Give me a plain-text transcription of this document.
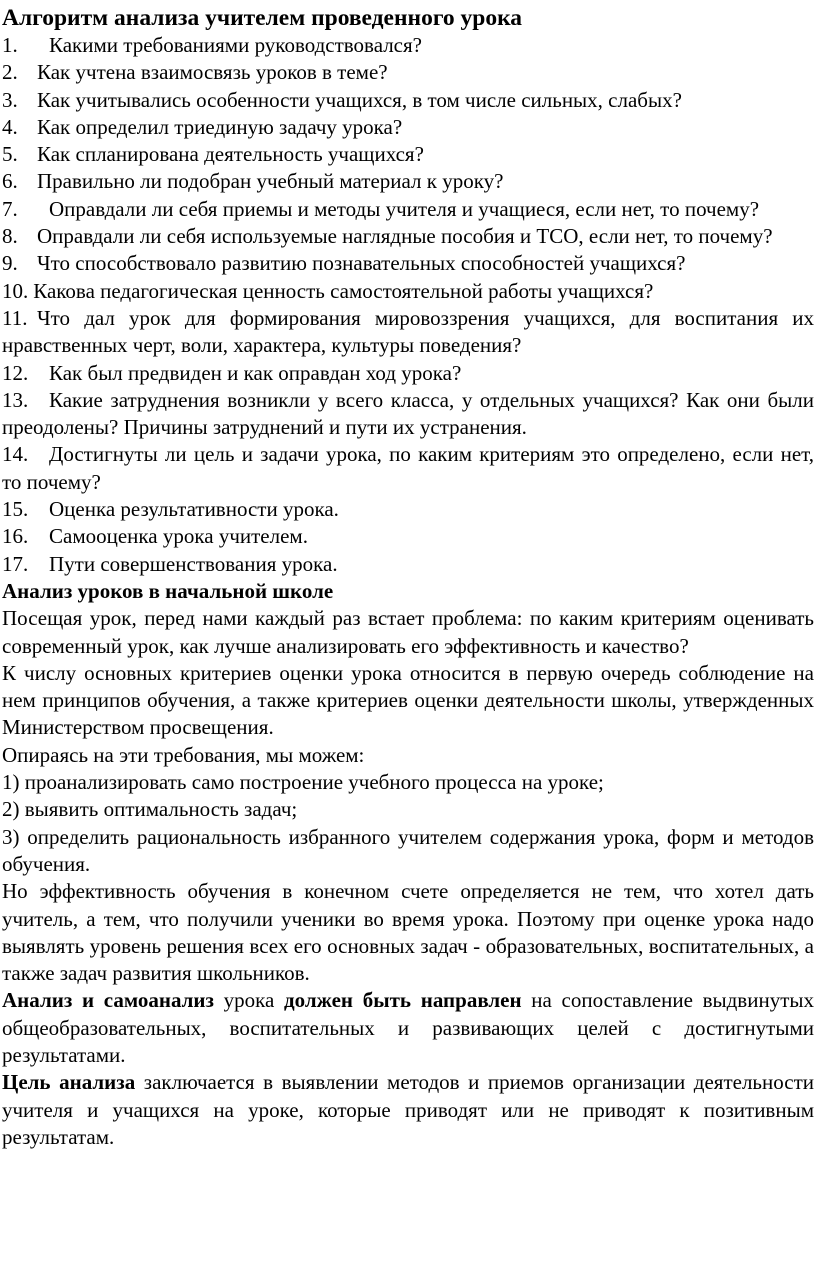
Алгоритм анализа учителем проведенного урока
1. Какими требованиями руководствовался?
2. Как учтена взаимосвязь уроков в теме?
3. Как учитывались особенности учащихся, в том числе сильных, слабых?
4. Как определил триединую задачу урока?
5. Как спланирована деятельность учащихся?
6. Правильно ли подобран учебный материал к уроку?
7. Оправдали ли себя приемы и методы учителя и учащиеся, если нет, то почему?
8. Оправдали ли себя используемые наглядные пособия и ТСО, если нет, то почему?
9. Что способствовало развитию познавательных способностей учащихся?
10. Какова педагогическая ценность самостоятельной работы учащихся?
11. Что дал урок для формирования мировоззрения учащихся, для воспитания их нравственных черт, воли, характера, культуры поведения?
12. Как был предвиден и как оправдан ход урока?
13. Какие затруднения возникли у всего класса, у отдельных учащихся? Как они были преодолены? Причины затруднений и пути их устранения.
14. Достигнуты ли цель и задачи урока, по каким критериям это определено, если нет, то почему?
15. Оценка результативности урока.
16. Самооценка урока учителем.
17. Пути совершенствования урока.
Анализ уроков в начальной школе

Посещая урок, перед нами каждый раз встает проблема: по каким критериям оценивать современный урок, как лучше анализировать его эффективность и качество?

К числу основных критериев оценки урока относится в первую очередь соблюдение на нем принципов обучения, а также критериев оценки деятельности школы, утвержденных Министерством просвещения.

Опираясь на эти требования, мы можем:

1) проанализировать само построение учебного процесса на уроке;

2) выявить оптимальность задач;

3) определить рациональность избранного учителем содержания урока, форм и методов обучения.

Но эффективность обучения в конечном счете определяется не тем, что хотел дать учитель, а тем, что получили ученики во время урока. Поэтому при оценке урока надо выявлять уровень решения всех его основных задач - образовательных, воспитательных, а также задач развития школьников.

Анализ и самоанализ урока должен быть направлен на сопоставление выдвинутых общеобразовательных, воспитательных и развивающих целей с достигнутыми результатами.

Цель анализа заключается в выявлении методов и приемов организации деятельности учителя и учащихся на уроке, которые приводят или не приводят к позитивным результатам.
